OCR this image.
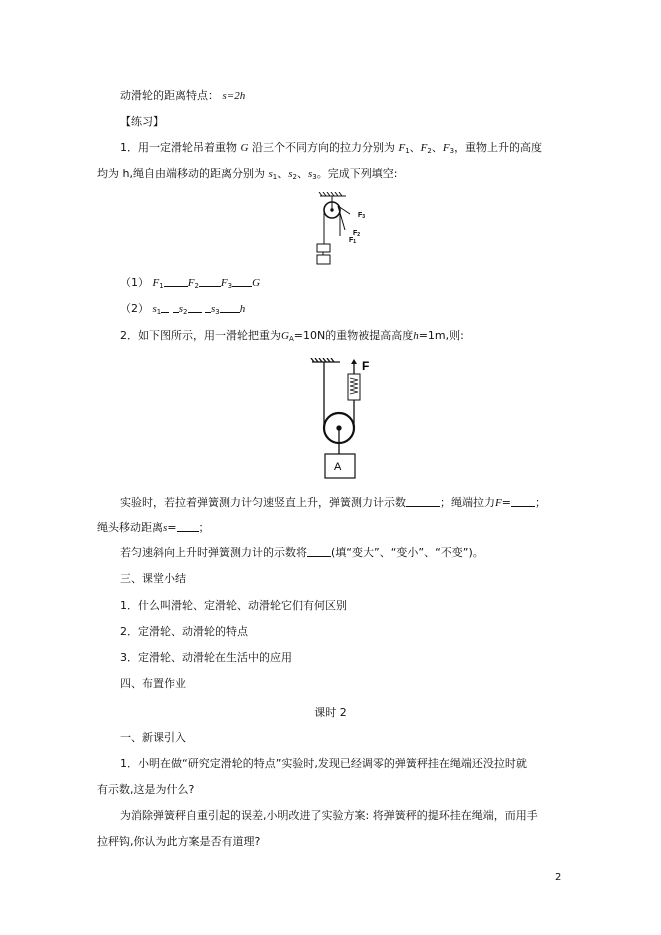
动滑轮的距离特点： s=2h
【练习】
1．用一定滑轮吊着重物 G 沿三个不同方向的拉力分别为 $F_1$、$F_2$、$F_3$，重物上升的高度
均为 h,绳自由端移动的距离分别为 $s_1$、$s_2$、$s_3$。完成下列填空:
F1
F2
F3
（1） $F_1$ $F_2$ $F_3$ G
（2） $s_1$ $s_2$ $s_3$ h
2．如下图所示，用一滑轮把重为$G_A=10N$的重物被提高高度h=1m,则:
F
A
实验时，若拉着弹簧测力计匀速竖直上升，弹簧测力计示数	；绳端拉力F= ；
绳头移动距离s= ；
若匀速斜向上升时弹簧测力计的示数将 (填“变大”、“变小”、“不变”)。
三、课堂小结
1．什么叫滑轮、定滑轮、动滑轮它们有何区别
2．定滑轮、动滑轮的特点
3．定滑轮、动滑轮在生活中的应用
四、布置作业
课时 2
一、新课引入
1．小明在做“研究定滑轮的特点”实验时,发现已经调零的弹簧秤挂在绳端还没拉时就
有示数,这是为什么?
为消除弹簧秤自重引起的误差,小明改进了实验方案: 将弹簧秤的提环挂在绳端，而用手
拉秤钩,你认为此方案是否有道理?
2
